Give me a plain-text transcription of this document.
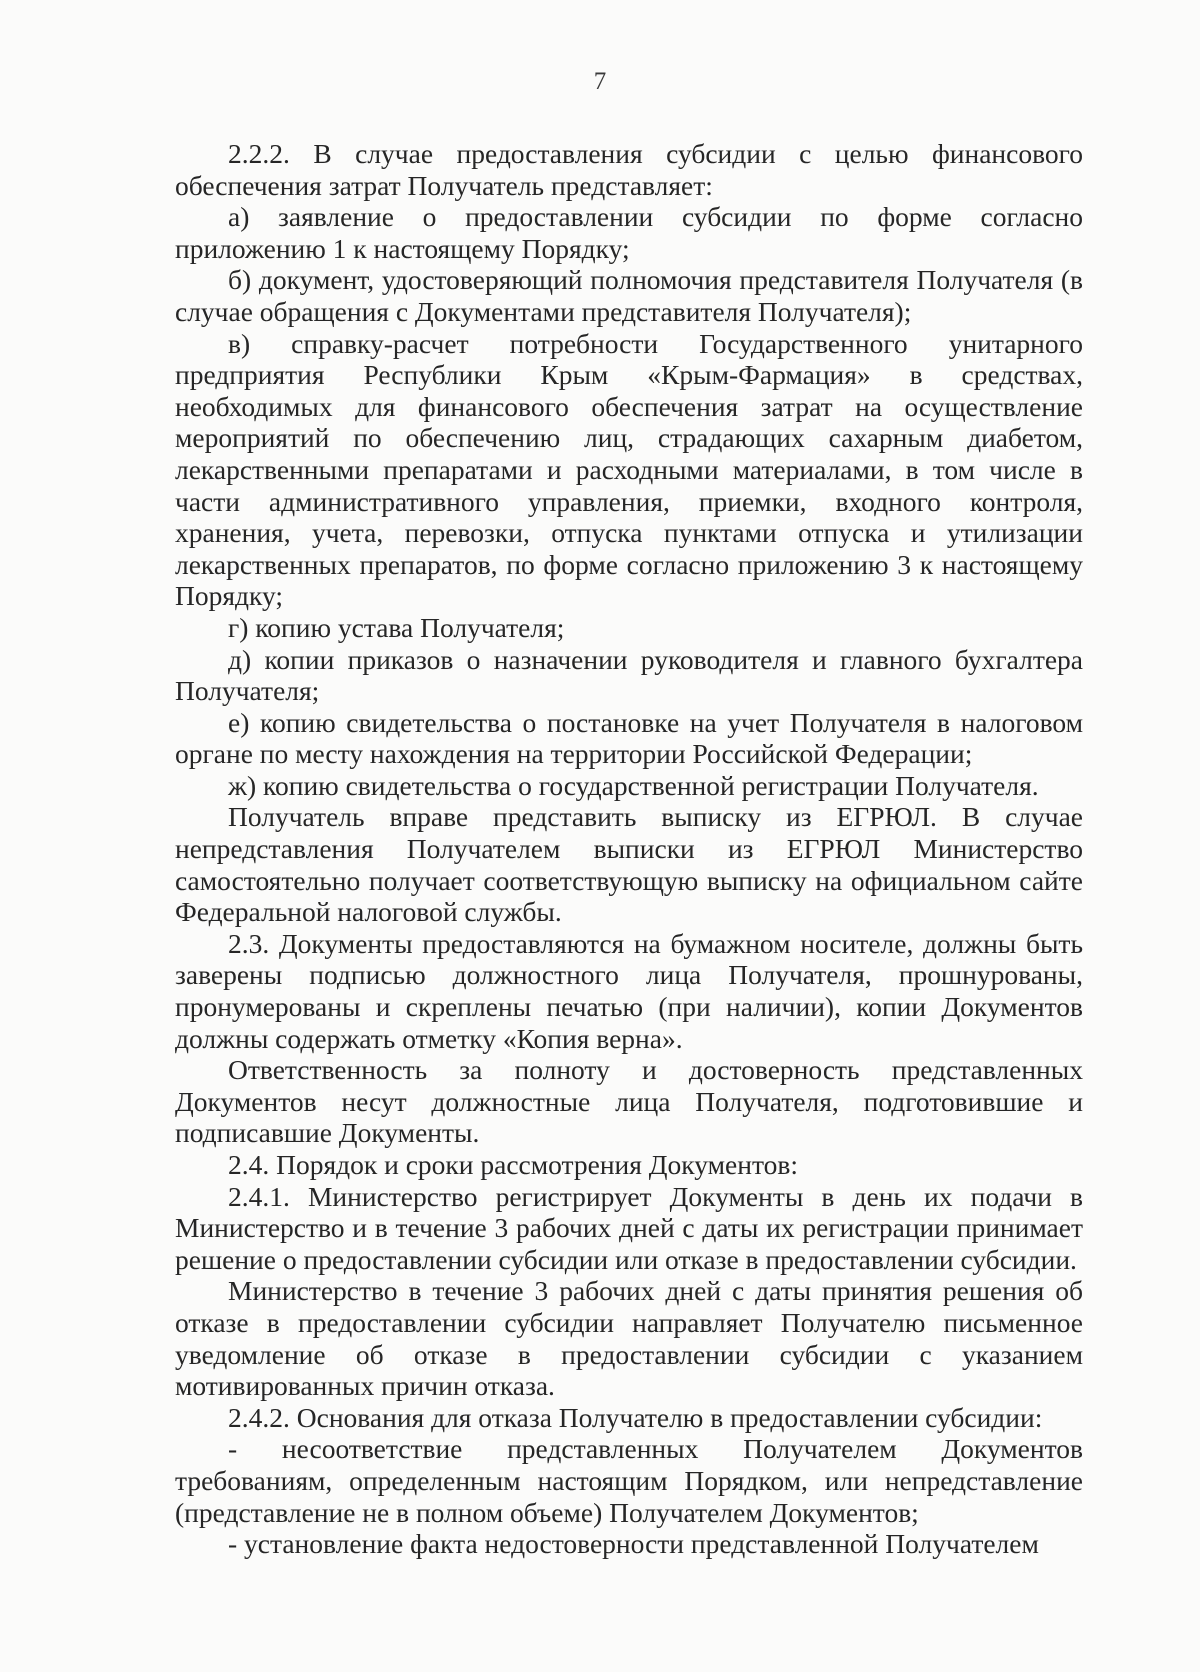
7

2.2.2. В случае предоставления субсидии с целью финансового обеспечения затрат Получатель представляет:

а) заявление о предоставлении субсидии по форме согласно приложению 1 к настоящему Порядку;

б) документ, удостоверяющий полномочия представителя Получателя (в случае обращения с Документами представителя Получателя);

в) справку-расчет потребности Государственного унитарного предприятия Республики Крым «Крым-Фармация» в средствах, необходимых для финансового обеспечения затрат на осуществление мероприятий по обеспечению лиц, страдающих сахарным диабетом, лекарственными препаратами и расходными материалами, в том числе в части административного управления, приемки, входного контроля, хранения, учета, перевозки, отпуска пунктами отпуска и утилизации лекарственных препаратов, по форме согласно приложению 3 к настоящему Порядку;

г) копию устава Получателя;

д) копии приказов о назначении руководителя и главного бухгалтера Получателя;

е) копию свидетельства о постановке на учет Получателя в налоговом органе по месту нахождения на территории Российской Федерации;

ж) копию свидетельства о государственной регистрации Получателя.

Получатель вправе представить выписку из ЕГРЮЛ. В случае непредставления Получателем выписки из ЕГРЮЛ Министерство самостоятельно получает соответствующую выписку на официальном сайте Федеральной налоговой службы.

2.3. Документы предоставляются на бумажном носителе, должны быть заверены подписью должностного лица Получателя, прошнурованы, пронумерованы и скреплены печатью (при наличии), копии Документов должны содержать отметку «Копия верна».

Ответственность за полноту и достоверность представленных Документов несут должностные лица Получателя, подготовившие и подписавшие Документы.

2.4. Порядок и сроки рассмотрения Документов:

2.4.1. Министерство регистрирует Документы в день их подачи в Министерство и в течение 3 рабочих дней с даты их регистрации принимает решение о предоставлении субсидии или отказе в предоставлении субсидии.

Министерство в течение 3 рабочих дней с даты принятия решения об отказе в предоставлении субсидии направляет Получателю письменное уведомление об отказе в предоставлении субсидии с указанием мотивированных причин отказа.

2.4.2. Основания для отказа Получателю в предоставлении субсидии:

- несоответствие представленных Получателем Документов требованиям, определенным настоящим Порядком, или непредставление (представление не в полном объеме) Получателем Документов;

- установление факта недостоверности представленной Получателем
